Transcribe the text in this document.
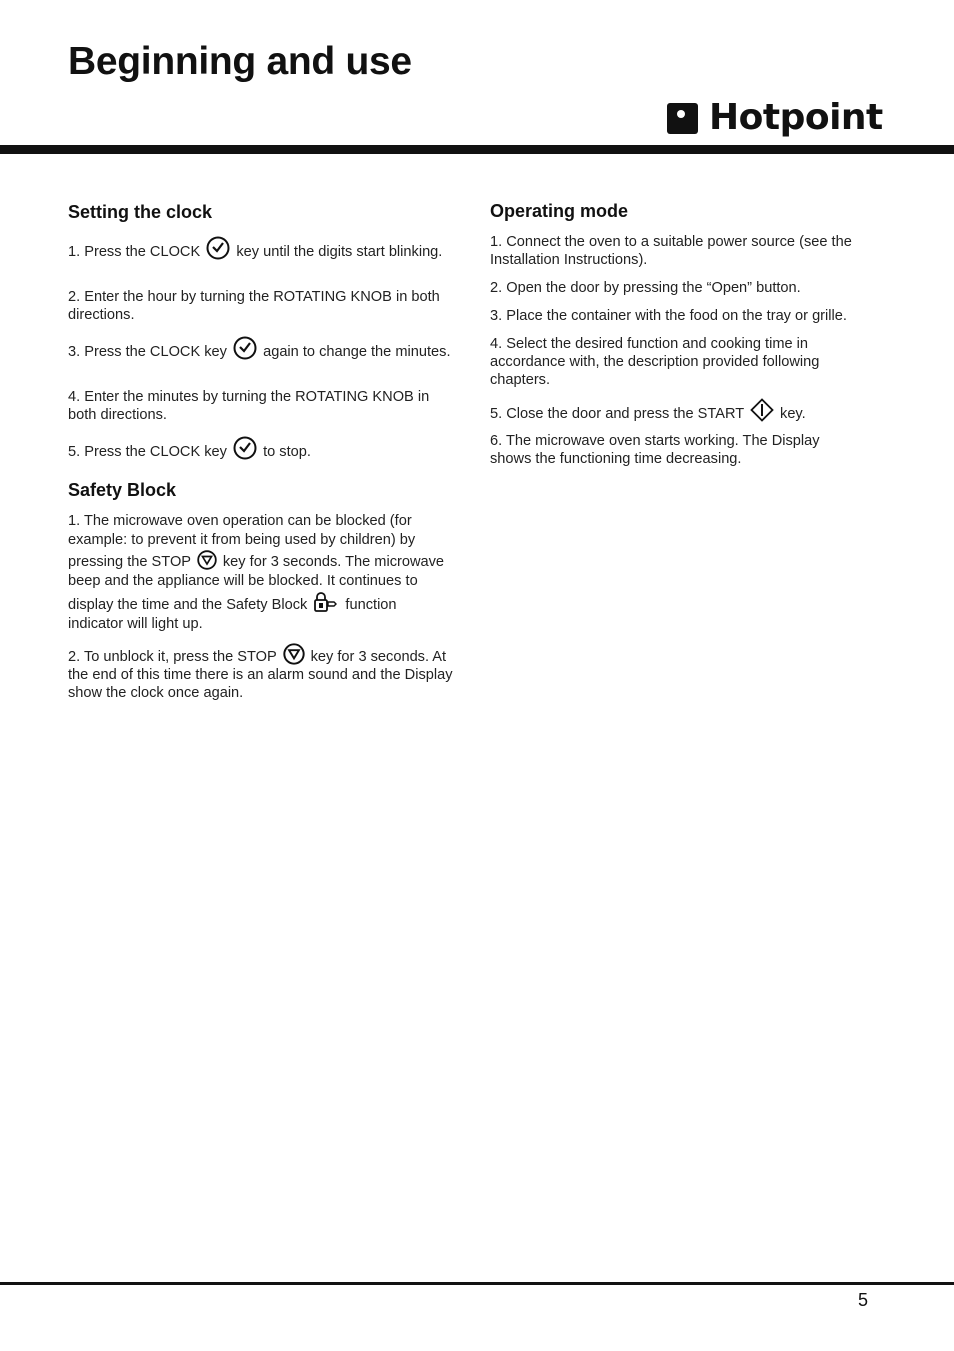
Beginning and use
Hotpoint
Setting the clock

1. Press the CLOCK
key until the digits start blinking.

2. Enter the hour by turning the ROTATING KNOB in both directions.

3. Press the CLOCK key
again to change the minutes.

4. Enter the minutes by turning the ROTATING KNOB in both directions.

5. Press the CLOCK key
to stop.

Safety Block

1. The microwave oven operation can be blocked (for example: to prevent it from being used by children) by pressing the STOP
key for 3 seconds. The microwave beep and the appliance will be blocked. It continues to display the time and the Safety Block
function indicator will light up.

2. To unblock it, press the STOP
key for 3 seconds. At the end of this time there is an alarm sound and the Display show the clock once again.

Operating mode

1. Connect the oven to a suitable power source (see the Installation Instructions).

2. Open the door by pressing the “Open” button.

3. Place the container with the food on the tray or grille.

4. Select the desired function and cooking time in accordance with, the description provided following chapters.

5. Close the door and press the START
key.

6. The microwave oven starts working. The Display shows the functioning time decreasing.

5
